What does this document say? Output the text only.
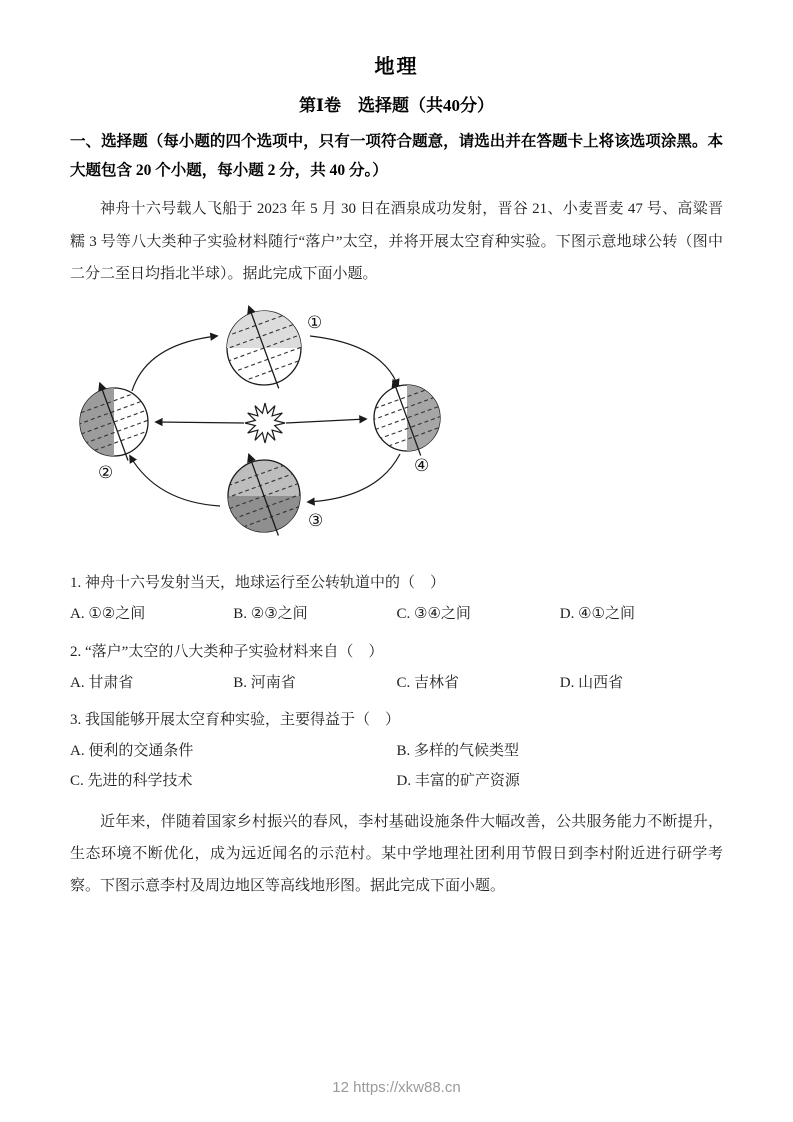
地理
第Ⅰ卷　选择题（共40分）

一、选择题（每小题的四个选项中，只有一项符合题意，请选出并在答题卡上将该选项涂黑。本大题包含 20 个小题，每小题 2 分，共 40 分。）

神舟十六号载人飞船于 2023 年 5 月 30 日在酒泉成功发射，晋谷 21、小麦晋麦 47 号、高粱晋糯 3 号等八大类种子实验材料随行“落户”太空，并将开展太空育种实验。下图示意地球公转（图中二分二至日均指北半球）。据此完成下面小题。

①
②
③
④

1. 神舟十六号发射当天，地球运行至公转轨道中的（　）

A. ①②之间	B. ②③之间	C. ③④之间	D. ④①之间

2. “落户”太空的八大类种子实验材料来自（　）

A. 甘肃省	B. 河南省	C. 吉林省	D. 山西省

3. 我国能够开展太空育种实验，主要得益于（　）

A. 便利的交通条件	B. 多样的气候类型
C. 先进的科学技术	D. 丰富的矿产资源

近年来，伴随着国家乡村振兴的春风，李村基础设施条件大幅改善，公共服务能力不断提升，生态环境不断优化，成为远近闻名的示范村。某中学地理社团利用节假日到李村附近进行研学考察。下图示意李村及周边地区等高线地形图。据此完成下面小题。

12 https://xkw88.cn
